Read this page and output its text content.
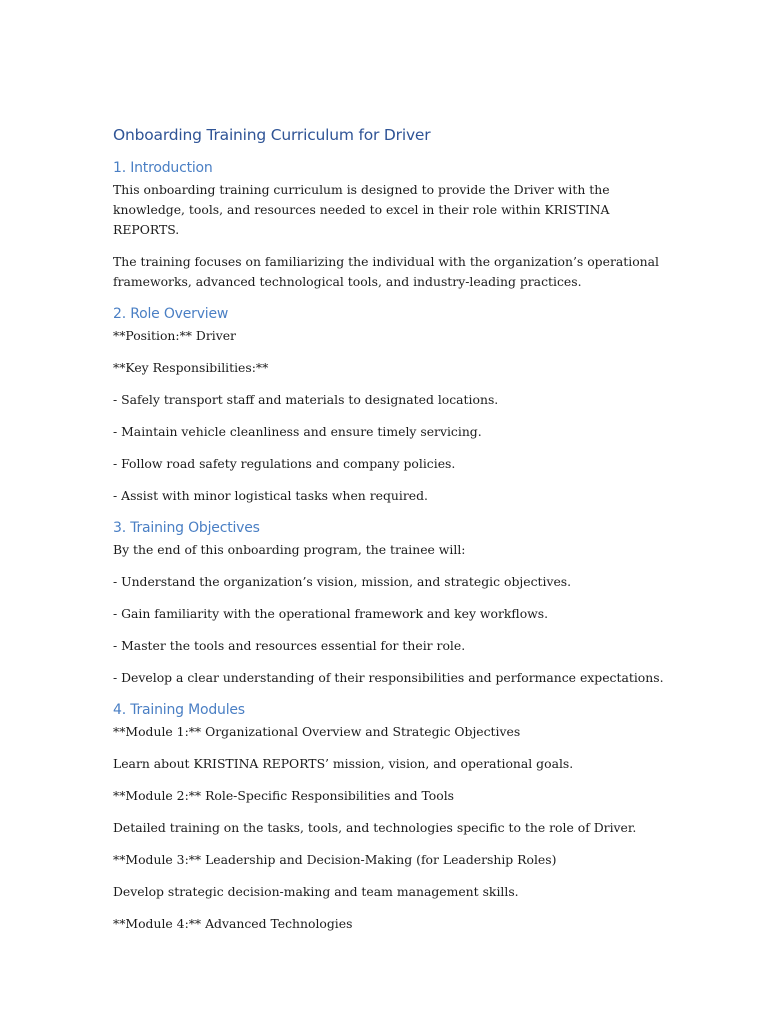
Onboarding Training Curriculum for Driver
1. Introduction

This onboarding training curriculum is designed to provide the Driver with the knowledge, tools, and resources needed to excel in their role within KRISTINA REPORTS.

The training focuses on familiarizing the individual with the organization’s operational frameworks, advanced technological tools, and industry-leading practices.

2. Role Overview

**Position:** Driver

**Key Responsibilities:**

- Safely transport staff and materials to designated locations.

- Maintain vehicle cleanliness and ensure timely servicing.

- Follow road safety regulations and company policies.

- Assist with minor logistical tasks when required.

3. Training Objectives

By the end of this onboarding program, the trainee will:

- Understand the organization’s vision, mission, and strategic objectives.

- Gain familiarity with the operational framework and key workflows.

- Master the tools and resources essential for their role.

- Develop a clear understanding of their responsibilities and performance expectations.

4. Training Modules

**Module 1:** Organizational Overview and Strategic Objectives

Learn about KRISTINA REPORTS’ mission, vision, and operational goals.

**Module 2:** Role-Specific Responsibilities and Tools

Detailed training on the tasks, tools, and technologies specific to the role of Driver.

**Module 3:** Leadership and Decision-Making (for Leadership Roles)

Develop strategic decision-making and team management skills.

**Module 4:** Advanced Technologies
